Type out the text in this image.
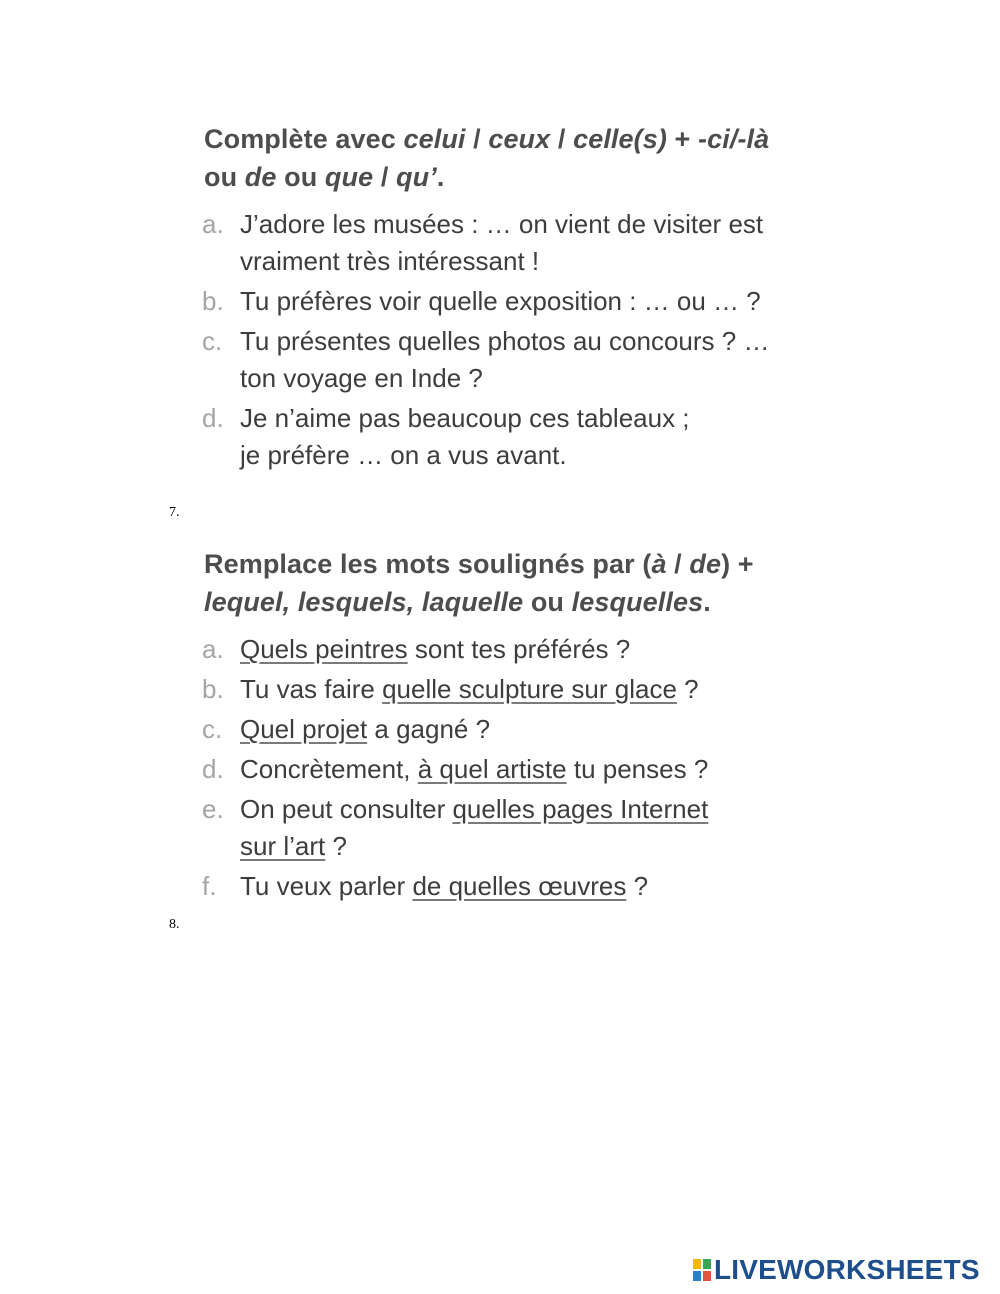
Complète avec celui / ceux / celle(s) + -ci/-là
ou de ou que / qu’.
a. J’adore les musées : … on vient de visiter est
vraiment très intéressant !
b. Tu préfères voir quelle exposition : … ou … ?
c. Tu présentes quelles photos au concours ? …
ton voyage en Inde ?
d. Je n’aime pas beaucoup ces tableaux ;
je préfère … on a vus avant.
7.
Remplace les mots soulignés par (à / de) +
lequel, lesquels, laquelle ou lesquelles.
a. Quels peintres sont tes préférés ?
b. Tu vas faire quelle sculpture sur glace ?
c. Quel projet a gagné ?
d. Concrètement, à quel artiste tu penses ?
e. On peut consulter quelles pages Internet
sur l’art ?
f. Tu veux parler de quelles œuvres ?
8.
LIVEWORKSHEETS
